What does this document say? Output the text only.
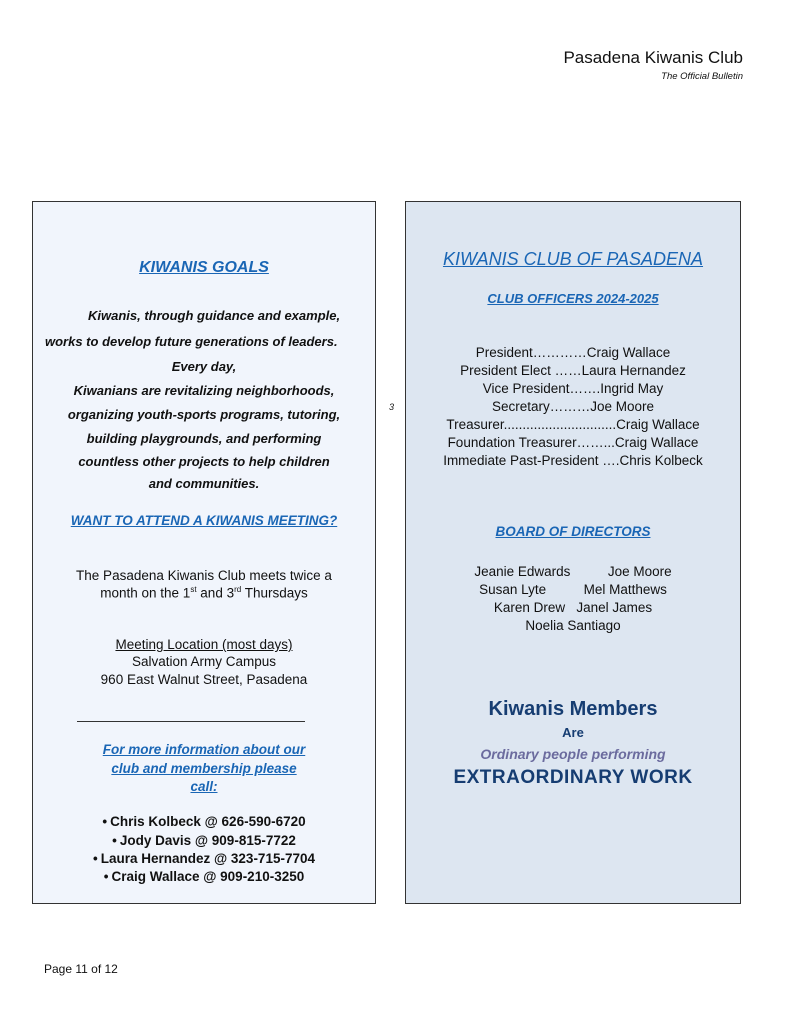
Pasadena Kiwanis Club
The Official Bulletin
3

KIWANIS GOALS

Kiwanis, through guidance and example,

works to develop future generations of leaders.

Every day,

Kiwanians are revitalizing neighborhoods,

organizing youth-sports programs, tutoring,

building playgrounds, and performing

countless other projects to help children

and communities.

WANT TO ATTEND A KIWANIS MEETING?

The Pasadena Kiwanis Club meets twice a

month on the 1st and 3rd Thursdays

Meeting Location (most days)

Salvation Army Campus

960 East Walnut Street, Pasadena

For more information about our

club and membership please

call:

• Chris Kolbeck @ 626-590-6720

• Jody Davis @ 909-815-7722

• Laura Hernandez @ 323-715-7704

• Craig Wallace @ 909-210-3250

KIWANIS CLUB OF PASADENA

CLUB OFFICERS 2024-2025

President…………Craig Wallace

President Elect ……Laura Hernandez

Vice President…….Ingrid May

Secretary………Joe Moore

Treasurer..............................Craig Wallace

Foundation Treasurer……...Craig Wallace

Immediate Past-President ….Chris Kolbeck

BOARD OF DIRECTORS

Jeanie Edwards          Joe Moore

Susan Lyte          Mel Matthews

Karen Drew   Janel James

Noelia Santiago

Kiwanis Members

Are

Ordinary people performing

EXTRAORDINARY WORK

Page 11 of 12
